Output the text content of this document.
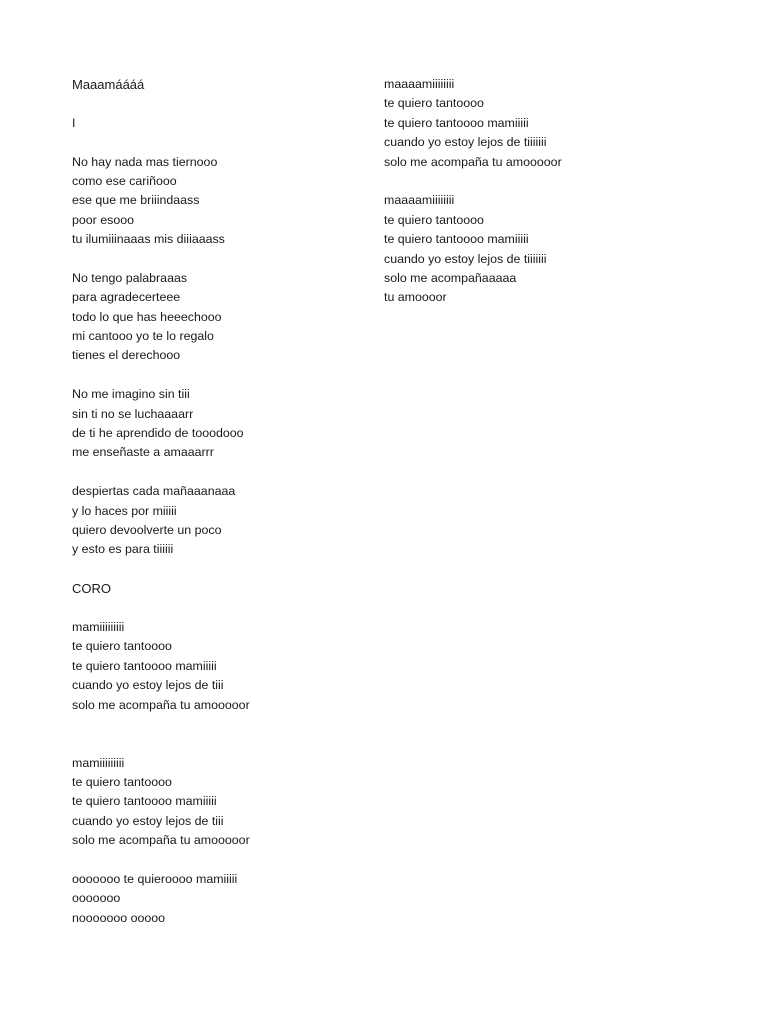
Maaamáááá
I
No hay nada mas tiernooo
como ese cariñooo
ese que me briiindaass
poor esooo
tu ilumiiinaaas mis diiiaaass
No tengo palabraaas
para agradecerteee
todo lo que has heeechooo
mi cantooo yo te lo regalo
tienes el derechooo
No me imagino sin tiii
sin ti no se luchaaaarr
de ti he aprendido de tooodooo
me enseñaste a amaaarrr
despiertas cada mañaaanaaa
y lo haces por miiiii
quiero devoolverte un poco
y esto es para tiiiiii
CORO
mamiiiiiiiii
te quiero tantoooo
te quiero tantoooo mamiiiii
cuando yo estoy lejos de tiii
solo me acompaña tu amooooor
mamiiiiiiiii
te quiero tantoooo
te quiero tantoooo mamiiiii
cuando yo estoy lejos de tiii
solo me acompaña tu amooooor
ooooooo te quieroooo mamiiiii
ooooooo
nooooooo ooooo
maaaamiiiiiiii
te quiero tantoooo
te quiero tantoooo mamiiiii
cuando yo estoy lejos de tiiiiiii
solo me acompaña tu amooooor
maaaamiiiiiiii
te quiero tantoooo
te quiero tantoooo mamiiiii
cuando yo estoy lejos de tiiiiiii
solo me acompañaaaaa
tu amoooor
